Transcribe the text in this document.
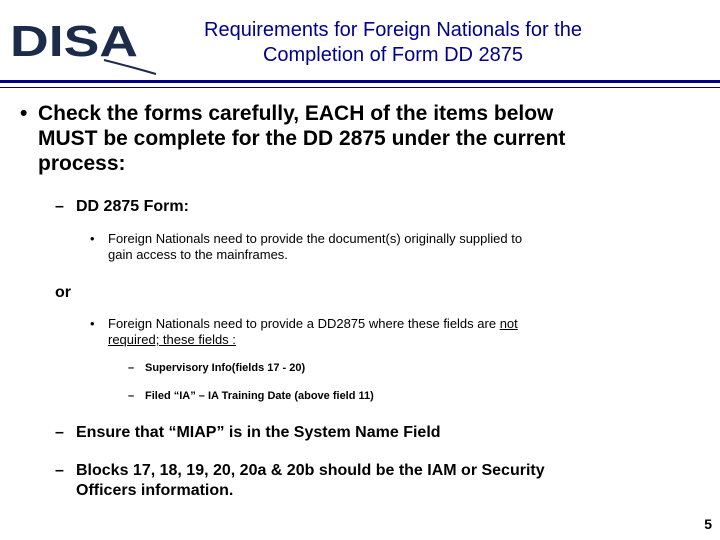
DISA	Requirements for Foreign Nationals for the
Completion of Form DD 2875
• Check the forms carefully, EACH of the items below
MUST be complete for the DD 2875 under the current
process:
– DD 2875 Form:
• Foreign Nationals need to provide the document(s) originally supplied to
gain access to the mainframes.
or
• Foreign Nationals need to provide a DD2875 where these fields are not
required; these fields :
– Supervisory Info(fields 17 - 20)
– Filed “IA” – IA Training Date (above field 11)
– Ensure that “MIAP” is in the System Name Field
– Blocks 17, 18, 19, 20, 20a & 20b should be the IAM or Security
Officers information.
5
